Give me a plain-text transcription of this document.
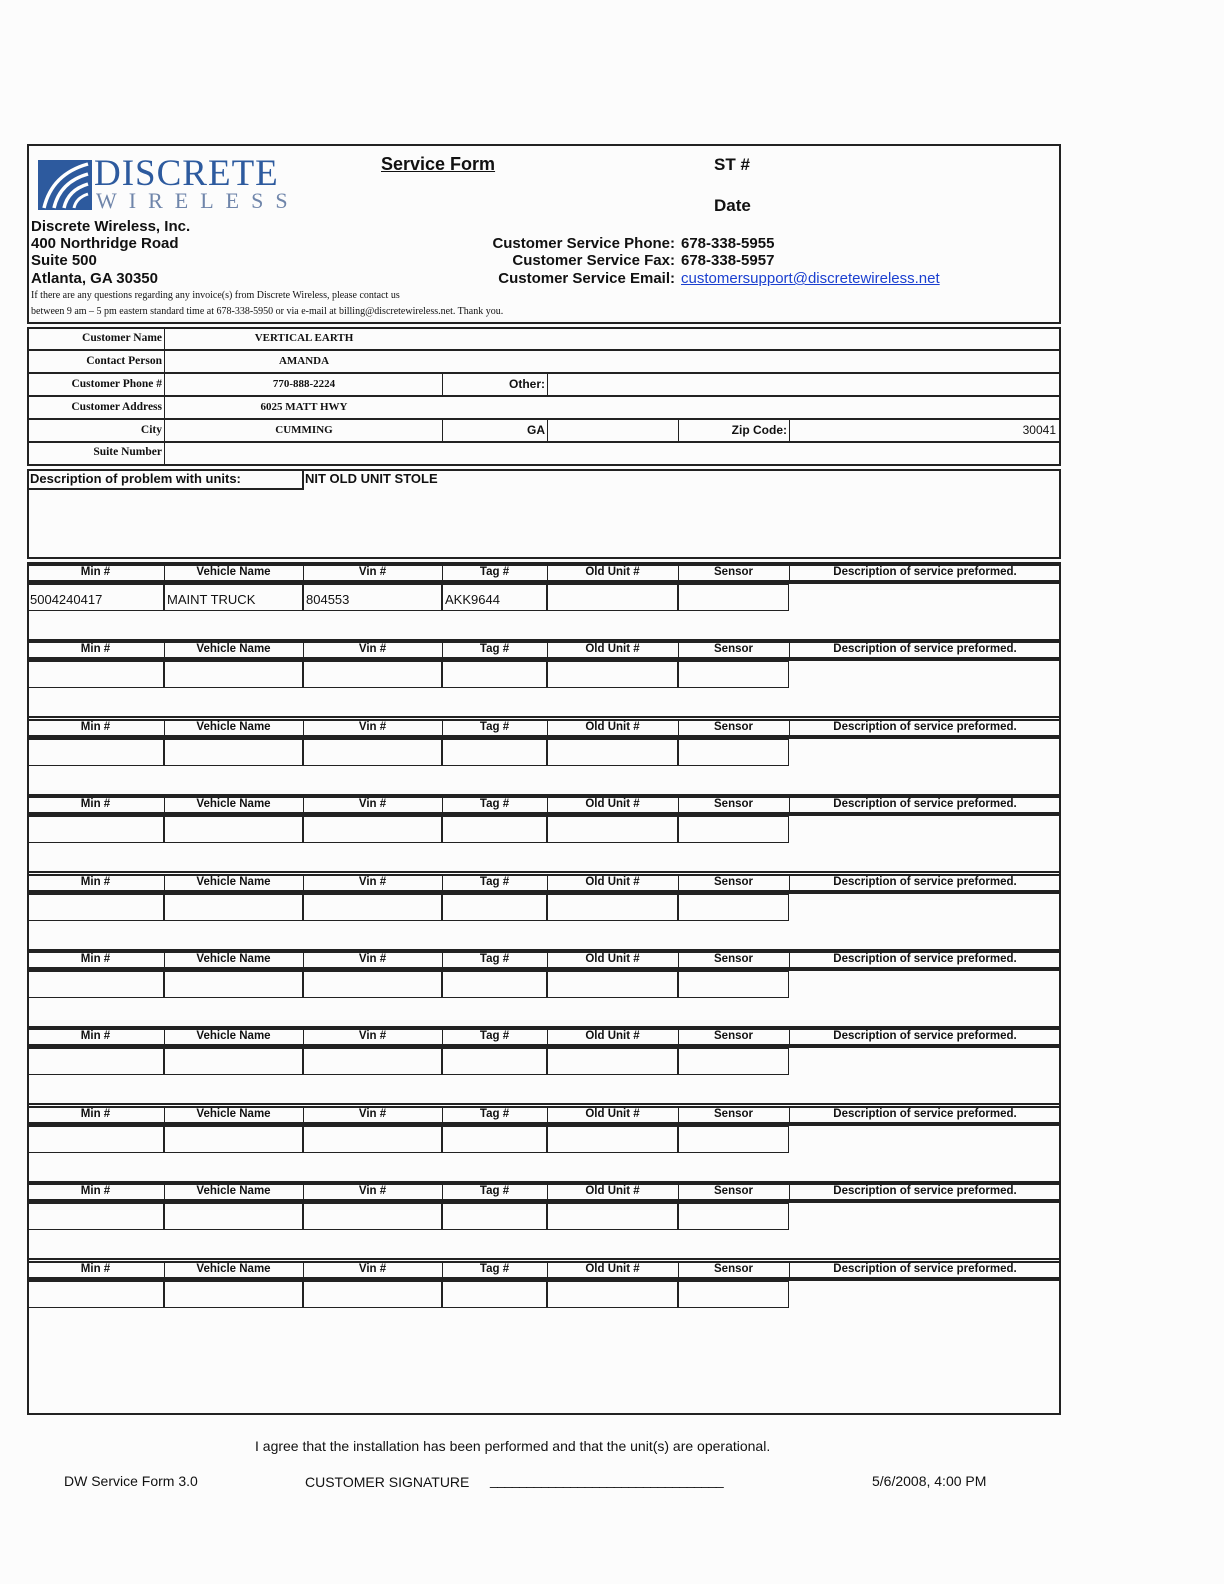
DISCRETE
WIRELESS
Service Form	ST #
Date
Discrete Wireless, Inc.
400 Northridge Road
Suite 500
Atlanta, GA 30350
If there are any questions regarding any invoice(s) from Discrete Wireless, please contact us
between 9 am – 5 pm eastern standard time at 678-338-5950 or via e-mail at billing@discretewireless.net. Thank you.
Customer Service Phone: 678-338-5955
Customer Service Fax: 678-338-5957
Customer Service Email: customersupport@discretewireless.net
Customer Name	VERTICAL EARTH
Contact Person	AMANDA
Customer Phone #	770-888-2224	Other:
Customer Address	6025 MATT HWY
City	CUMMING	GA	Zip Code:	30041
Suite Number
Description of problem with units:	NIT OLD UNIT STOLE
Min #	Vehicle Name	Vin #	Tag #	Old Unit #	Sensor	Description of service preformed.
5004240417	MAINT TRUCK	804553	AKK9644
Min #	Vehicle Name	Vin #	Tag #	Old Unit #	Sensor	Description of service preformed.
Min #	Vehicle Name	Vin #	Tag #	Old Unit #	Sensor	Description of service preformed.
Min #	Vehicle Name	Vin #	Tag #	Old Unit #	Sensor	Description of service preformed.
Min #	Vehicle Name	Vin #	Tag #	Old Unit #	Sensor	Description of service preformed.
Min #	Vehicle Name	Vin #	Tag #	Old Unit #	Sensor	Description of service preformed.
Min #	Vehicle Name	Vin #	Tag #	Old Unit #	Sensor	Description of service preformed.
Min #	Vehicle Name	Vin #	Tag #	Old Unit #	Sensor	Description of service preformed.
Min #	Vehicle Name	Vin #	Tag #	Old Unit #	Sensor	Description of service preformed.
Min #	Vehicle Name	Vin #	Tag #	Old Unit #	Sensor	Description of service preformed.
I agree that the installation has been performed and that the unit(s) are operational.
DW Service Form 3.0	CUSTOMER SIGNATURE ________________________________	5/6/2008, 4:00 PM
